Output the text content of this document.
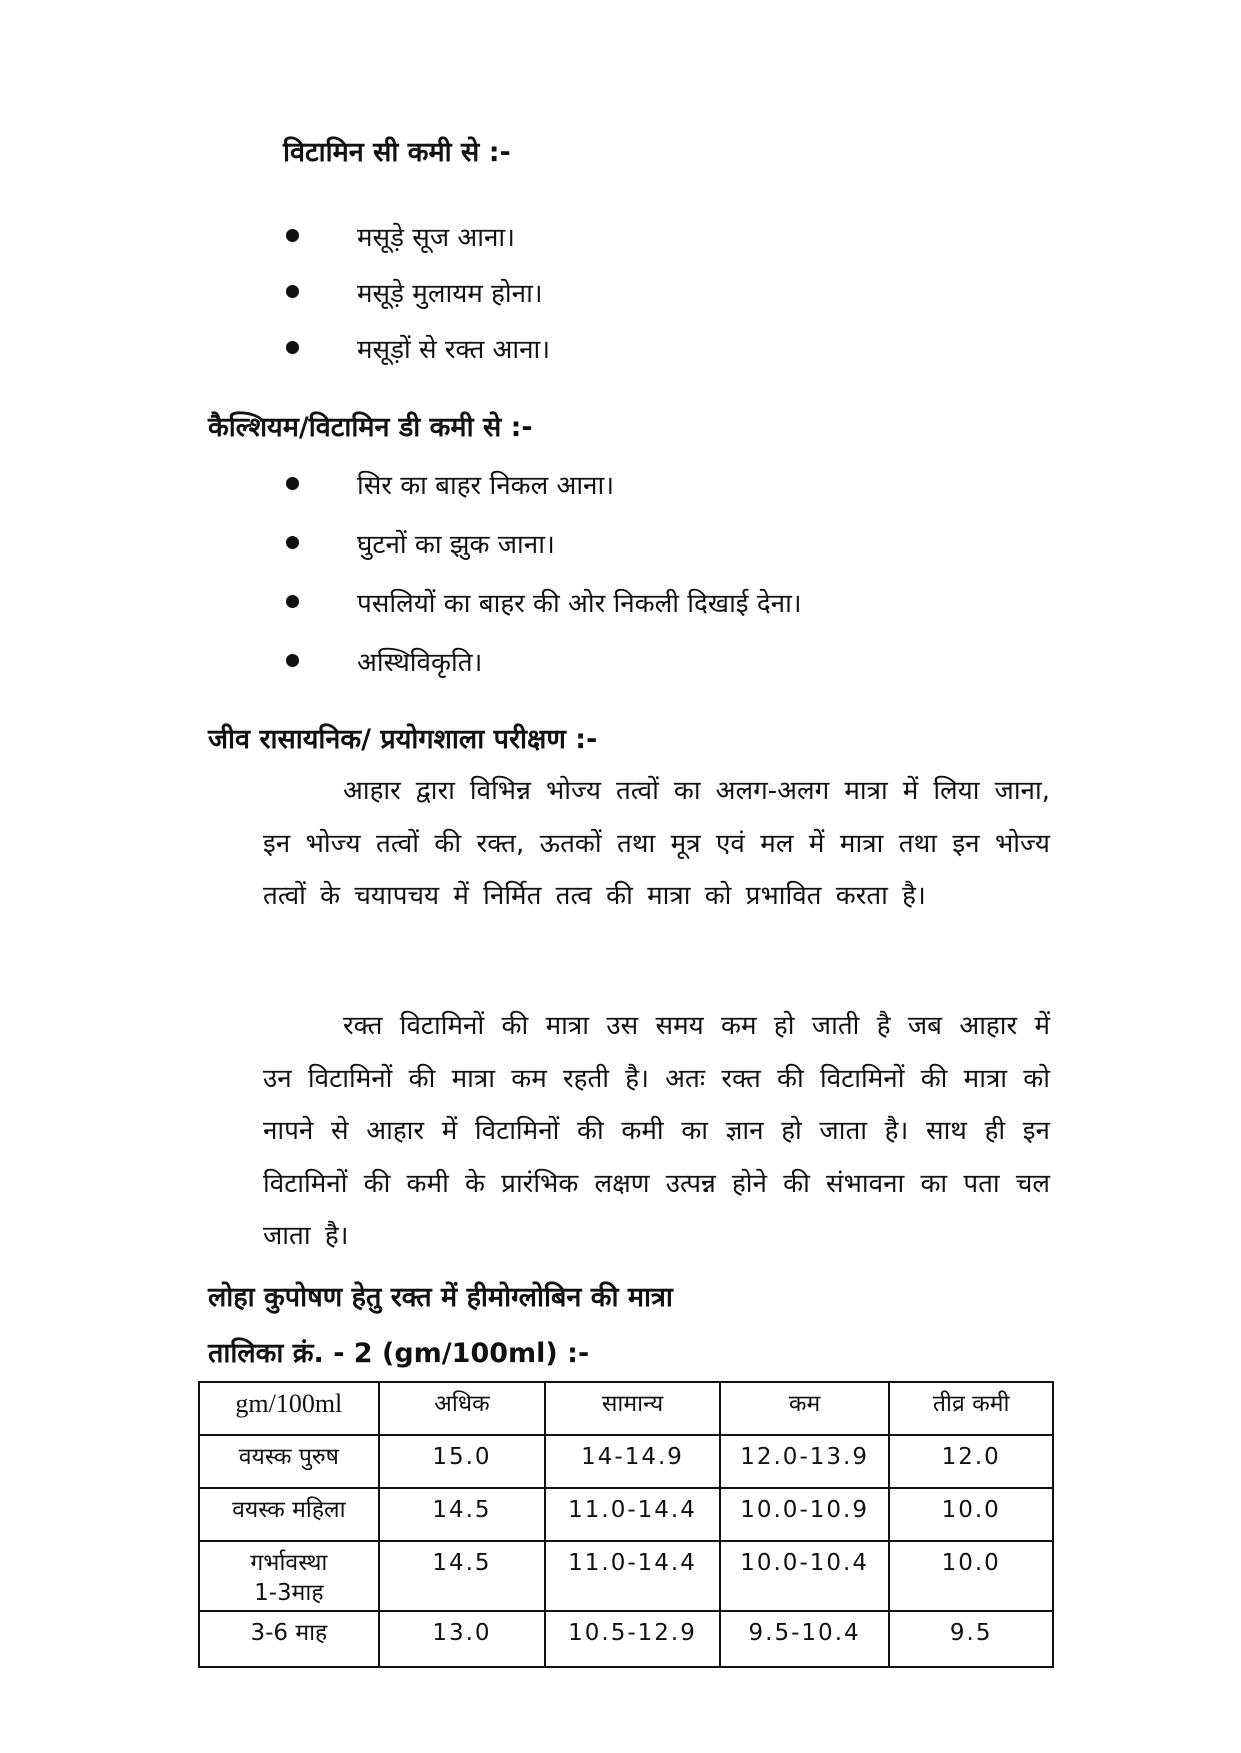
विटामिन सी कमी से :-
मसूड़े सूज आना।
मसूड़े मुलायम होना।
मसूड़ों से रक्त आना।
कैल्शियम/विटामिन डी कमी से :-
सिर का बाहर निकल आना।
घुटनों का झुक जाना।
पसलियों का बाहर की ओर निकली दिखाई देना।
अस्थिविकृति।
जीव रासायनिक/ प्रयोगशाला परीक्षण :-

आहार द्वारा विभिन्न भोज्य तत्वों का अलग-अलग मात्रा में लिया जाना, इन भोज्य तत्वों की रक्त, ऊतकों तथा मूत्र एवं मल में मात्रा तथा इन भोज्य तत्वों के चयापचय में निर्मित तत्व की मात्रा को प्रभावित करता है।

रक्त विटामिनों की मात्रा उस समय कम हो जाती है जब आहार में उन विटामिनों की मात्रा कम रहती है। अतः रक्त की विटामिनों की मात्रा को नापने से आहार में विटामिनों की कमी का ज्ञान हो जाता है। साथ ही इन विटामिनों की कमी के प्रारंभिक लक्षण उत्पन्न होने की संभावना का पता चल जाता है।

लोहा कुपोषण हेतु रक्त में हीमोग्लोबिन की मात्रा
तालिका क्रं. - 2 (gm/100ml) :-
gm/100ml	अधिक	सामान्य	कम	तीव्र कमी
वयस्क पुरुष	15.0	14-14.9	12.0-13.9	12.0
वयस्क महिला	14.5	11.0-14.4	10.0-10.9	10.0

गर्भावस्था
1-3माह	14.5	11.0-14.4	10.0-10.4	10.0
3-6 माह	13.0	10.5-12.9	9.5-10.4	9.5
